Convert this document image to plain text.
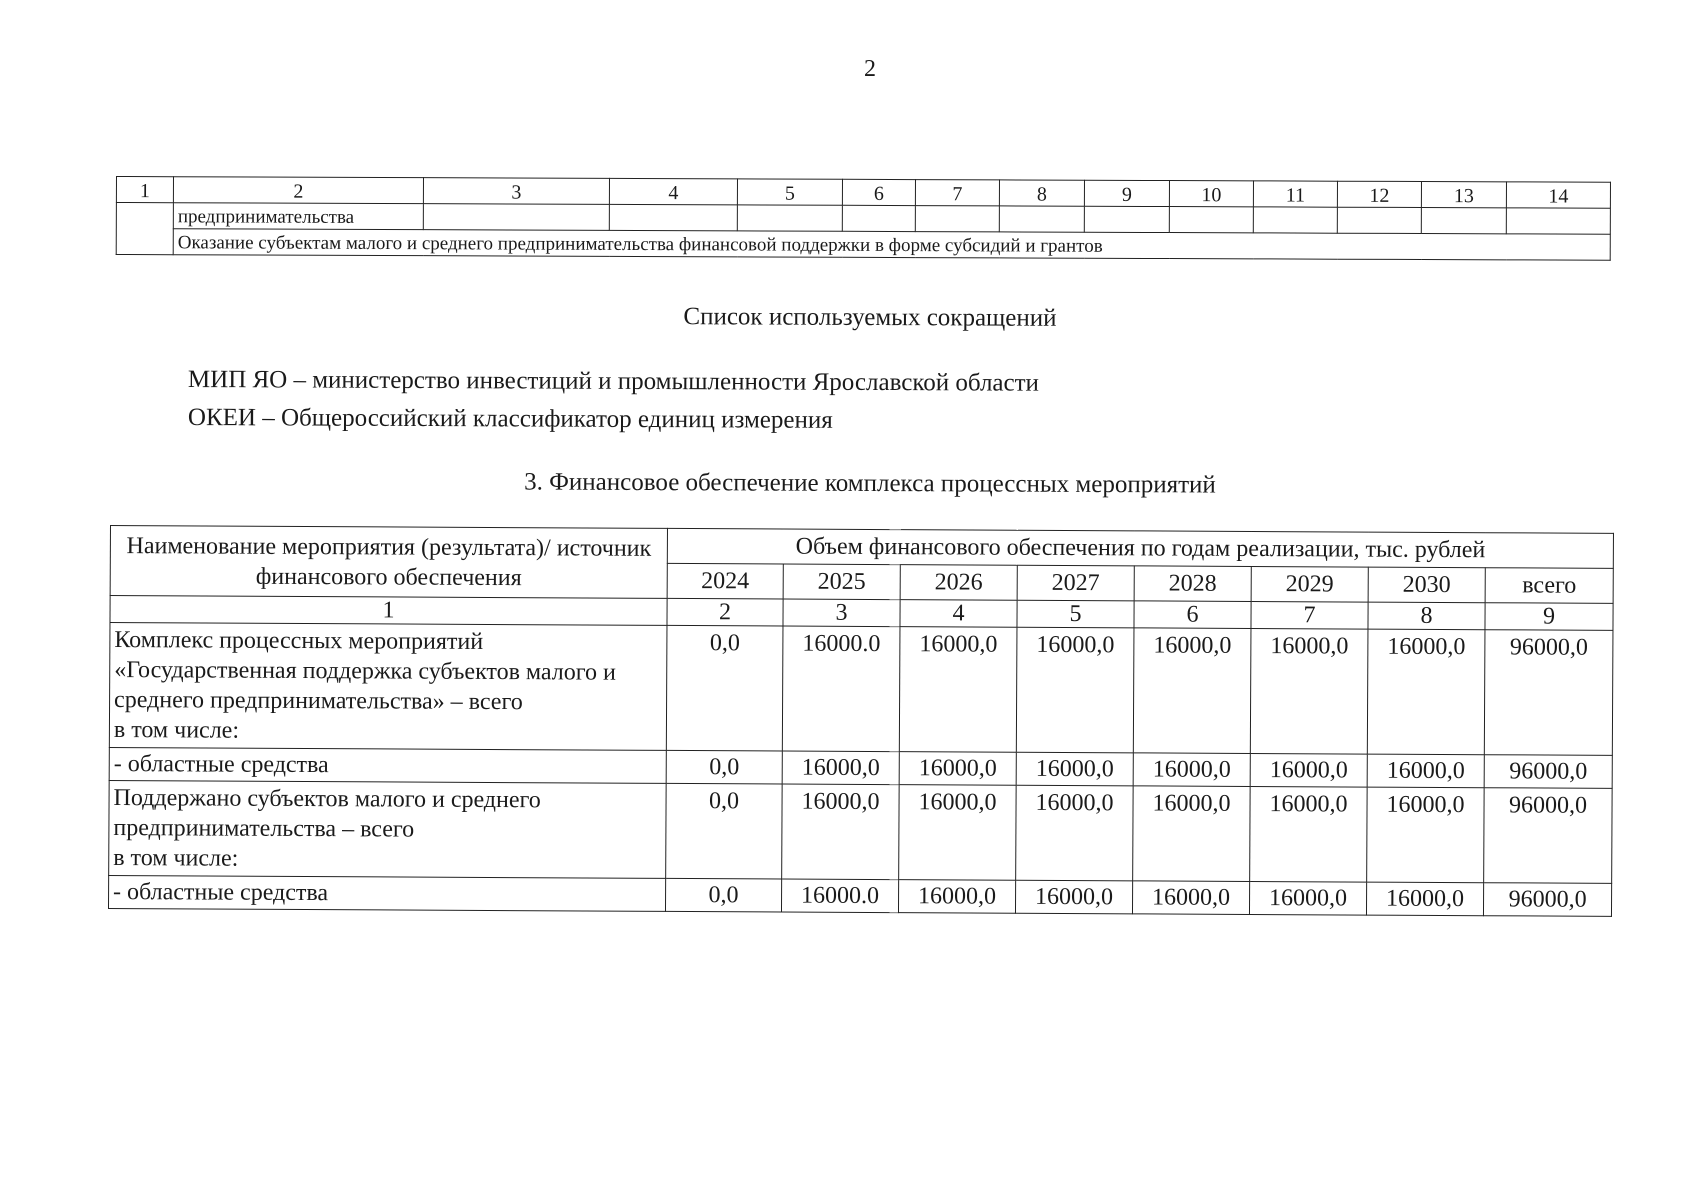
2
1	2	3	4	5	6	7	8	9	10	11	12	13	14
	предпринимательства												
	Оказание субъектам малого и среднего предпринимательства финансовой поддержки в форме субсидий и грантов												
Список используемых сокращений
МИП ЯО – министерство инвестиций и промышленности Ярославской области
ОКЕИ – Общероссийский классификатор единиц измерения
3. Финансовое обеспечение комплекса процессных мероприятий
Наименование мероприятия (результата)/ источник финансового обеспечения	Объем финансового обеспечения по годам реализации, тыс. рублей							
	2024	2025	2026	2027	2028	2029	2030	всего
1	2	3	4	5	6	7	8	9
Комплекс процессных мероприятий «Государственная поддержка субъектов малого и среднего предпринимательства» – всего
в том числе:	0,0	16000.0	16000,0	16000,0	16000,0	16000,0	16000,0	96000,0
- областные средства	0,0	16000,0	16000,0	16000,0	16000,0	16000,0	16000,0	96000,0
Поддержано субъектов малого и среднего предпринимательства – всего
в том числе:	0,0	16000,0	16000,0	16000,0	16000,0	16000,0	16000,0	96000,0
- областные средства	0,0	16000.0	16000,0	16000,0	16000,0	16000,0	16000,0	96000,0
